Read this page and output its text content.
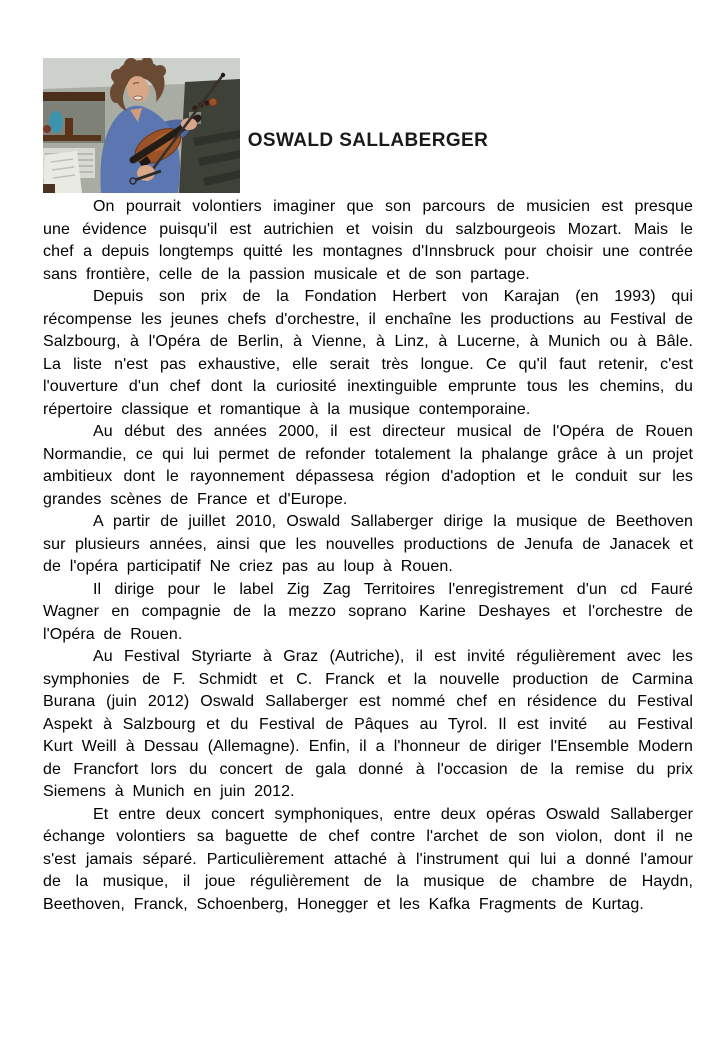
OSWALD SALLABERGER

On pourrait volontiers imaginer que son parcours de musicien est presque une évidence puisqu'il est autrichien et voisin du salzbourgeois Mozart. Mais le chef a depuis longtemps quitté les montagnes d'Innsbruck pour choisir une contrée sans frontière, celle de la passion musicale et de son partage.

Depuis son prix de la Fondation Herbert von Karajan (en 1993) qui récompense les jeunes chefs d'orchestre, il enchaîne les productions au Festival de Salzbourg, à l'Opéra de Berlin, à Vienne, à Linz, à Lucerne, à Munich ou à Bâle. La liste n'est pas exhaustive, elle serait très longue. Ce qu'il faut retenir, c'est l'ouverture d'un chef dont la curiosité inextinguible emprunte tous les chemins, du répertoire classique et romantique à la musique contemporaine.

Au début des années 2000, il est directeur musical de l'Opéra de Rouen Normandie, ce qui lui permet de refonder totalement la phalange grâce à un projet ambitieux dont le rayonnement dépassesa région d'adoption et le conduit sur les grandes scènes de France et d'Europe.

A partir de juillet 2010, Oswald Sallaberger dirige la musique de Beethoven sur plusieurs années, ainsi que les nouvelles productions de Jenufa de Janacek et de l'opéra participatif Ne criez pas au loup à Rouen.

Il dirige pour le label Zig Zag Territoires l'enregistrement d'un cd Fauré Wagner en compagnie de la mezzo soprano Karine Deshayes et l'orchestre de l'Opéra de Rouen.

Au Festival Styriarte à Graz (Autriche), il est invité régulièrement avec les symphonies de F. Schmidt et C. Franck et la nouvelle production de Carmina Burana (juin 2012) Oswald Sallaberger est nommé chef en résidence du Festival Aspekt à Salzbourg et du Festival de Pâques au Tyrol. Il est invité  au Festival Kurt Weill à Dessau (Allemagne). Enfin, il a l'honneur de diriger l'Ensemble Modern de Francfort lors du concert de gala donné à l'occasion de la remise du prix Siemens à Munich en juin 2012.

Et entre deux concert symphoniques, entre deux opéras Oswald Sallaberger échange volontiers sa baguette de chef contre l'archet de son violon, dont il ne s'est jamais séparé. Particulièrement attaché à l'instrument qui lui a donné l'amour de la musique, il joue régulièrement de la musique de chambre de Haydn, Beethoven, Franck, Schoenberg, Honegger et les Kafka Fragments de Kurtag.
